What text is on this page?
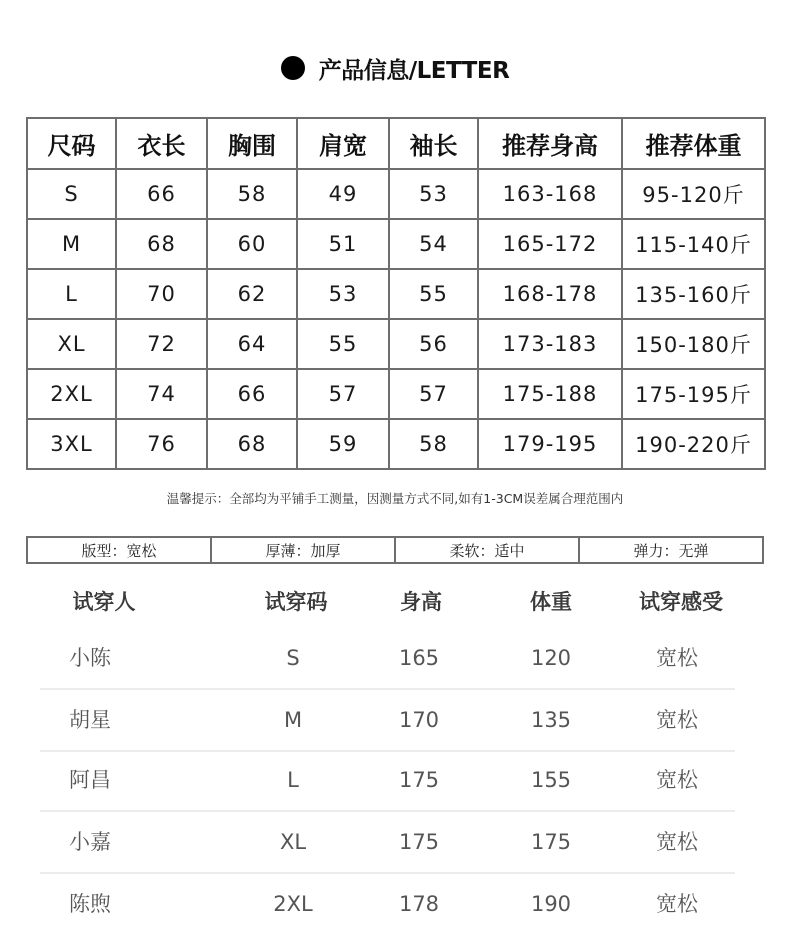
产品信息/LETTER
尺码	衣长	胸围	肩宽	袖长	推荐身高	推荐体重
S	66	58	49	53	163-168	95-120斤
M	68	60	51	54	165-172	115-140斤
L	70	62	53	55	168-178	135-160斤
XL	72	64	55	56	173-183	150-180斤
2XL	74	66	57	57	175-188	175-195斤
3XL	76	68	59	58	179-195	190-220斤
温馨提示：全部均为平铺手工测量，因测量方式不同,如有1-3CM误差属合理范围内
版型：宽松	厚薄：加厚	柔软：适中	弹力：无弹
试穿人	试穿码	身高	体重	试穿感受
小陈	S	165	120	宽松
胡星	M	170	135	宽松
阿昌	L	175	155	宽松
小嘉	XL	175	175	宽松
陈煦	2XL	178	190	宽松
